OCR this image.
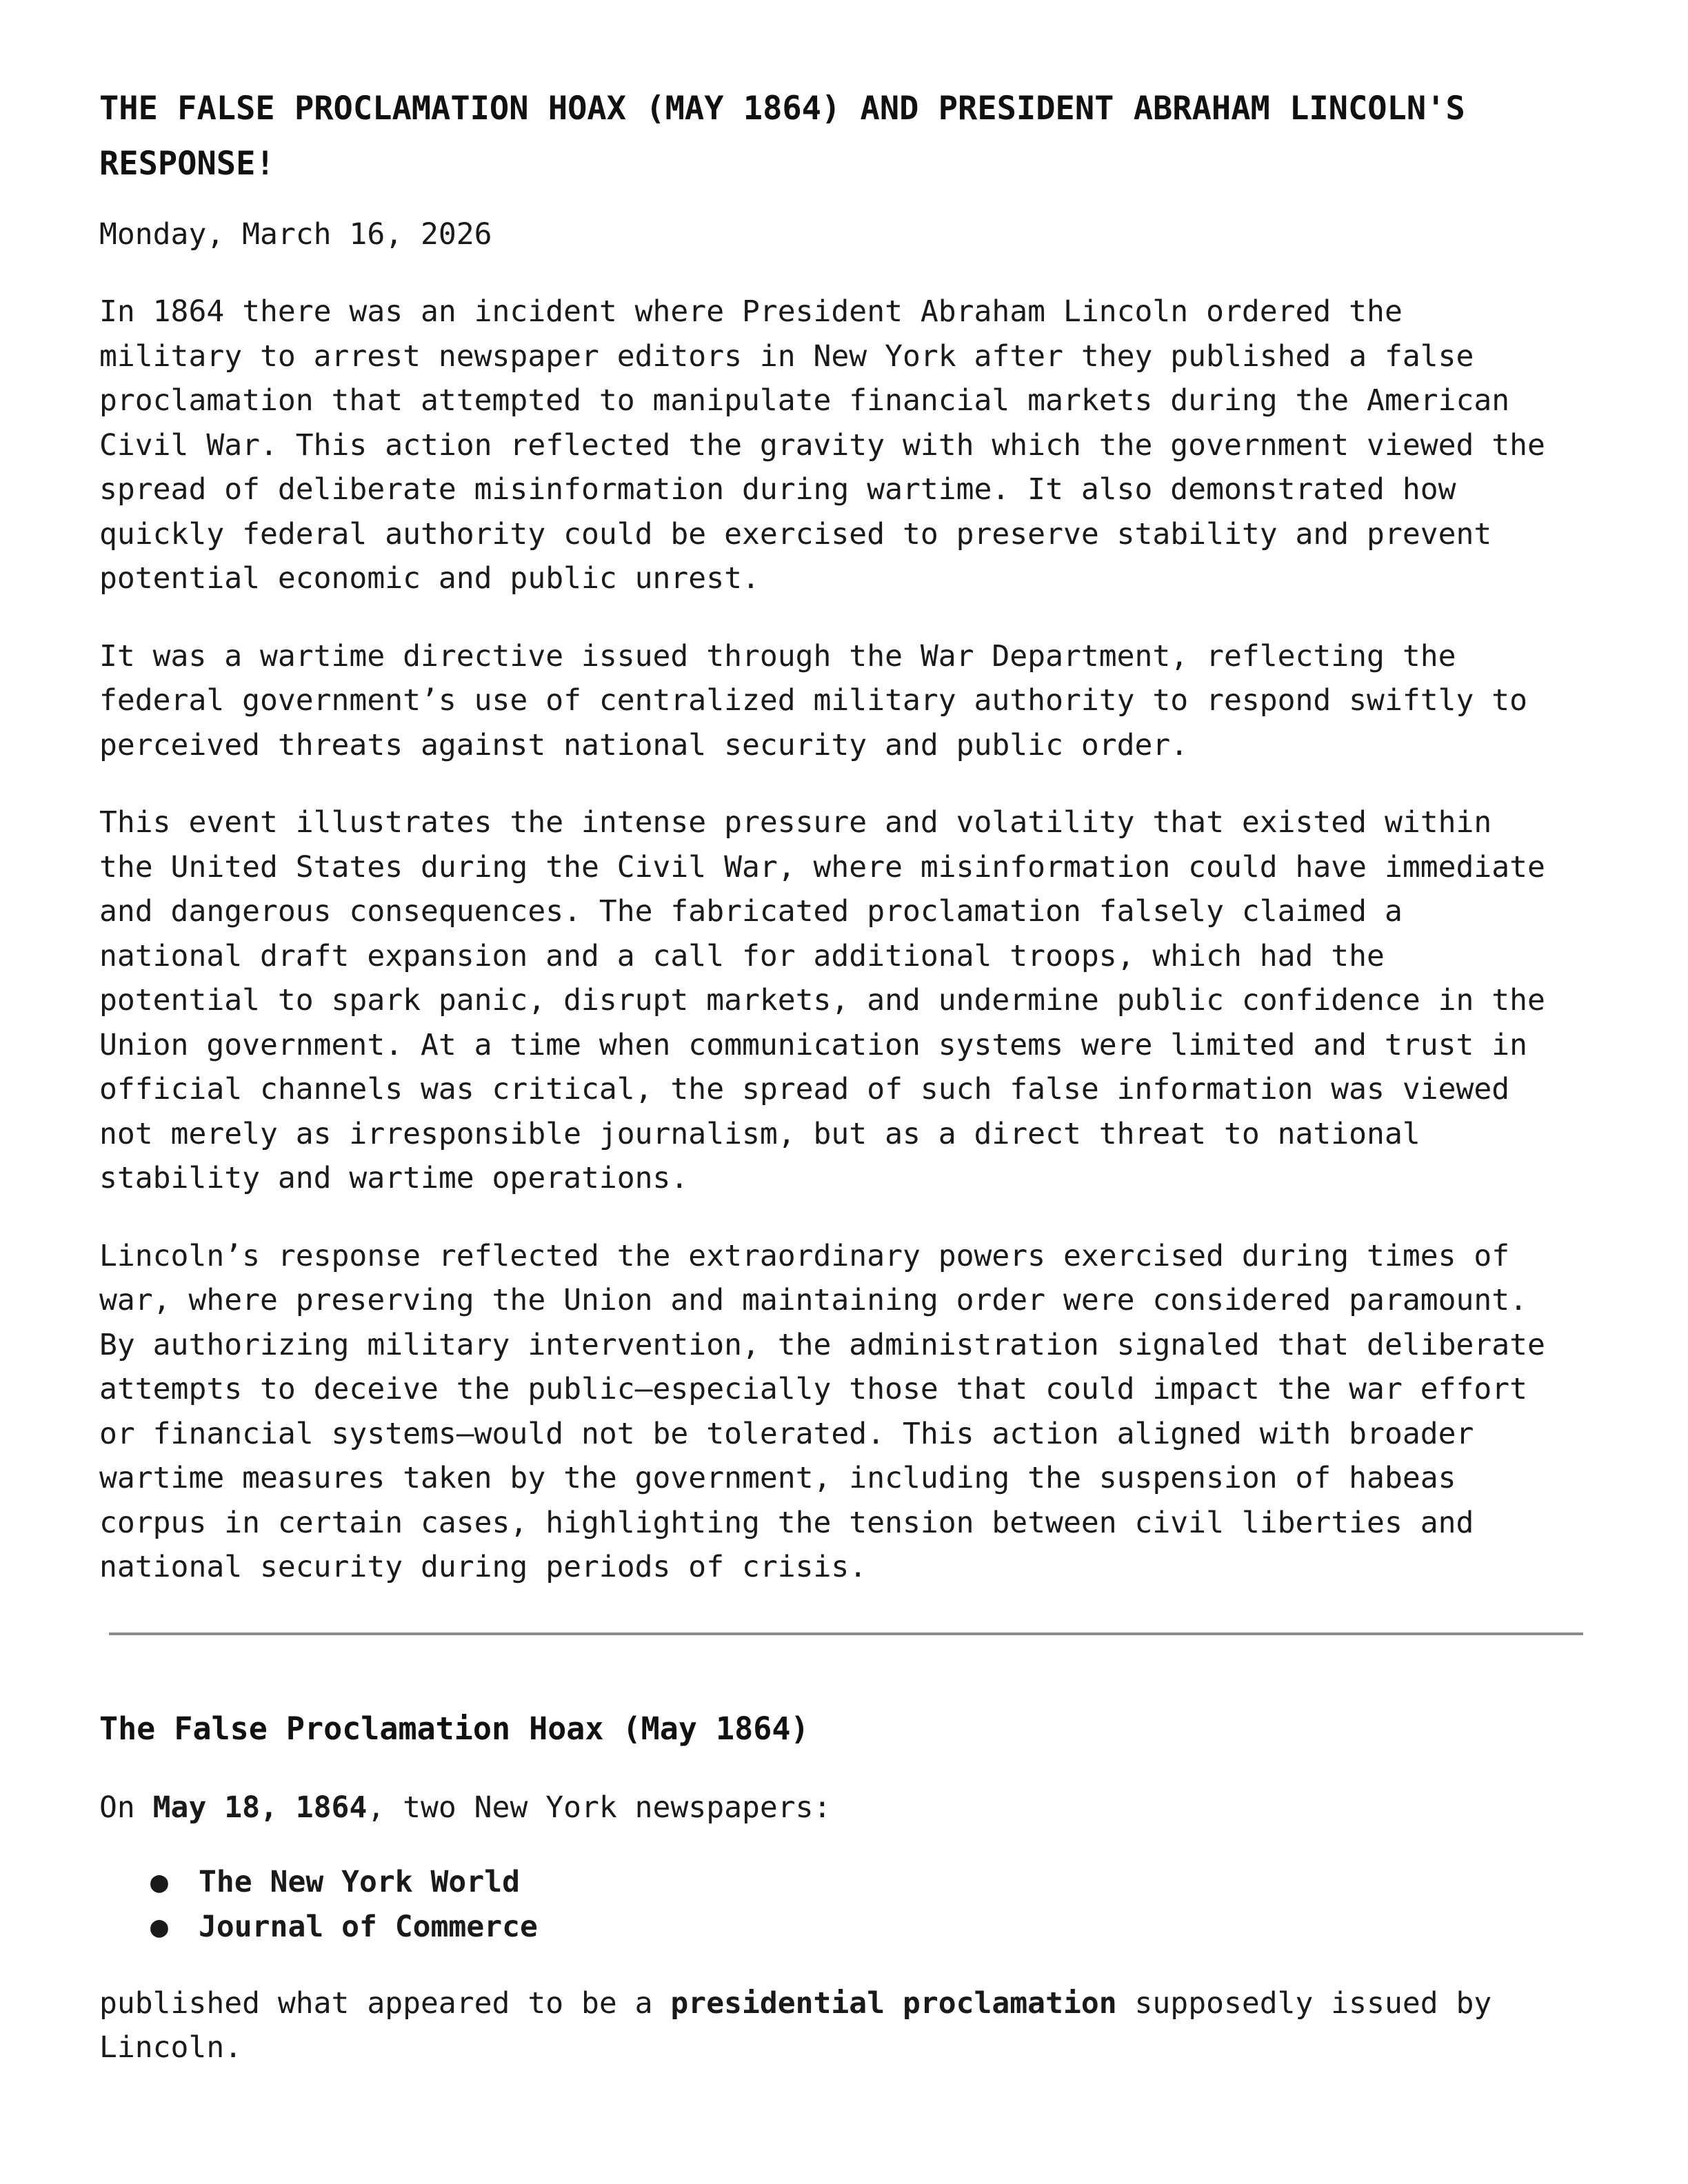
THE FALSE PROCLAMATION HOAX (MAY 1864) AND PRESIDENT ABRAHAM LINCOLN'S RESPONSE!
Monday, March 16, 2026

In 1864 there was an incident where President Abraham Lincoln ordered the
military to arrest newspaper editors in New York after they published a false
proclamation that attempted to manipulate financial markets during the American
Civil War. This action reflected the gravity with which the government viewed the
spread of deliberate misinformation during wartime. It also demonstrated how
quickly federal authority could be exercised to preserve stability and prevent
potential economic and public unrest.

It was a wartime directive issued through the War Department, reflecting the
federal government’s use of centralized military authority to respond swiftly to
perceived threats against national security and public order.

This event illustrates the intense pressure and volatility that existed within
the United States during the Civil War, where misinformation could have immediate
and dangerous consequences. The fabricated proclamation falsely claimed a
national draft expansion and a call for additional troops, which had the
potential to spark panic, disrupt markets, and undermine public confidence in the
Union government. At a time when communication systems were limited and trust in
official channels was critical, the spread of such false information was viewed
not merely as irresponsible journalism, but as a direct threat to national
stability and wartime operations.

Lincoln’s response reflected the extraordinary powers exercised during times of
war, where preserving the Union and maintaining order were considered paramount.
By authorizing military intervention, the administration signaled that deliberate
attempts to deceive the public—especially those that could impact the war effort
or financial systems—would not be tolerated. This action aligned with broader
wartime measures taken by the government, including the suspension of habeas
corpus in certain cases, highlighting the tension between civil liberties and
national security during periods of crisis.

The False Proclamation Hoax (May 1864)
On May 18, 1864, two New York newspapers:
● The New York World
● Journal of Commerce

published what appeared to be a presidential proclamation supposedly issued by
Lincoln.
